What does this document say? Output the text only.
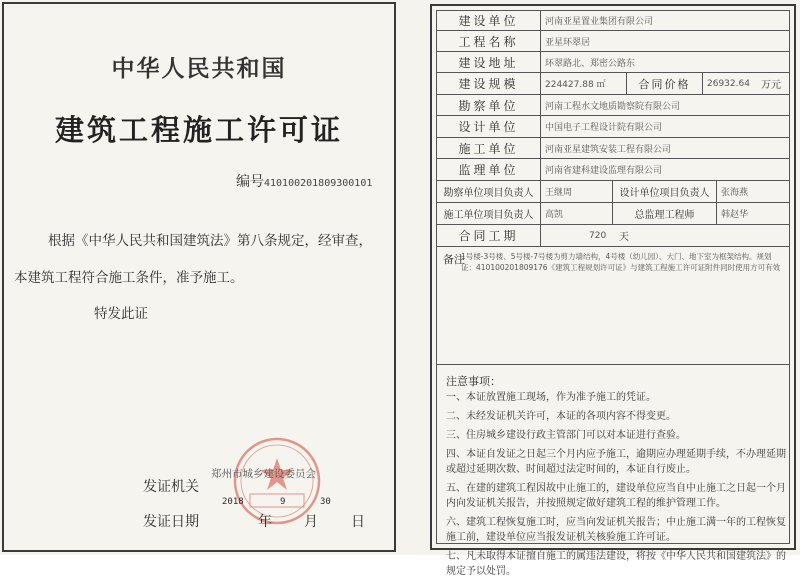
中华人民共和国
建筑工程施工许可证
编号410100201809300101
根据《中华人民共和国建筑法》第八条规定，经审查，
本建筑工程符合施工条件，准予施工。
特发此证
发证机关
郑州市城乡建设委员会
发证日期
2018	9	30
年 月 日
建设单位	河南亚星置业集团有限公司
工程名称	亚星环翠居
建设地址	环翠路北、郑密公路东
建设规模	224427.88 ㎡	合同价格	26932.64	万元
勘察单位	河南工程水文地质勘察院有限公司
设计单位	中国电子工程设计院有限公司
施工单位	河南亚星建筑安装工程有限公司
监理单位	河南省建科建设监理有限公司
勘察单位项目负责人	王继周	设计单位项目负责人	张海燕
施工单位项目负责人	高凯	总监理工程师	韩赵华
合同工期	720	天
备注
1号楼-3号楼、5号楼-7号楼为剪力墙结构，4号楼（幼儿园）、大门、地下室为框架结构。规划证：410100201809176《建筑工程规划许可证》与建筑工程施工许可证附件同时使用方可有效
注意事项：
一、本证放置施工现场，作为准予施工的凭证。
二、未经发证机关许可，本证的各项内容不得变更。
三、住房城乡建设行政主管部门可以对本证进行查验。
四、本证自发证之日起三个月内应予施工，逾期应办理延期手续，不办理延期或超过延期次数、时间超过法定时间的，本证自行废止。
五、在建的建筑工程因故中止施工的，建设单位应当自中止施工之日起一个月内向发证机关报告，并按照规定做好建筑工程的维护管理工作。
六、建筑工程恢复施工时，应当向发证机关报告；中止施工满一年的工程恢复施工前，建设单位应当报发证机关核验施工许可证。
七、凡未取得本证擅自施工的属违法建设，将按《中华人民共和国建筑法》的规定予以处罚。
